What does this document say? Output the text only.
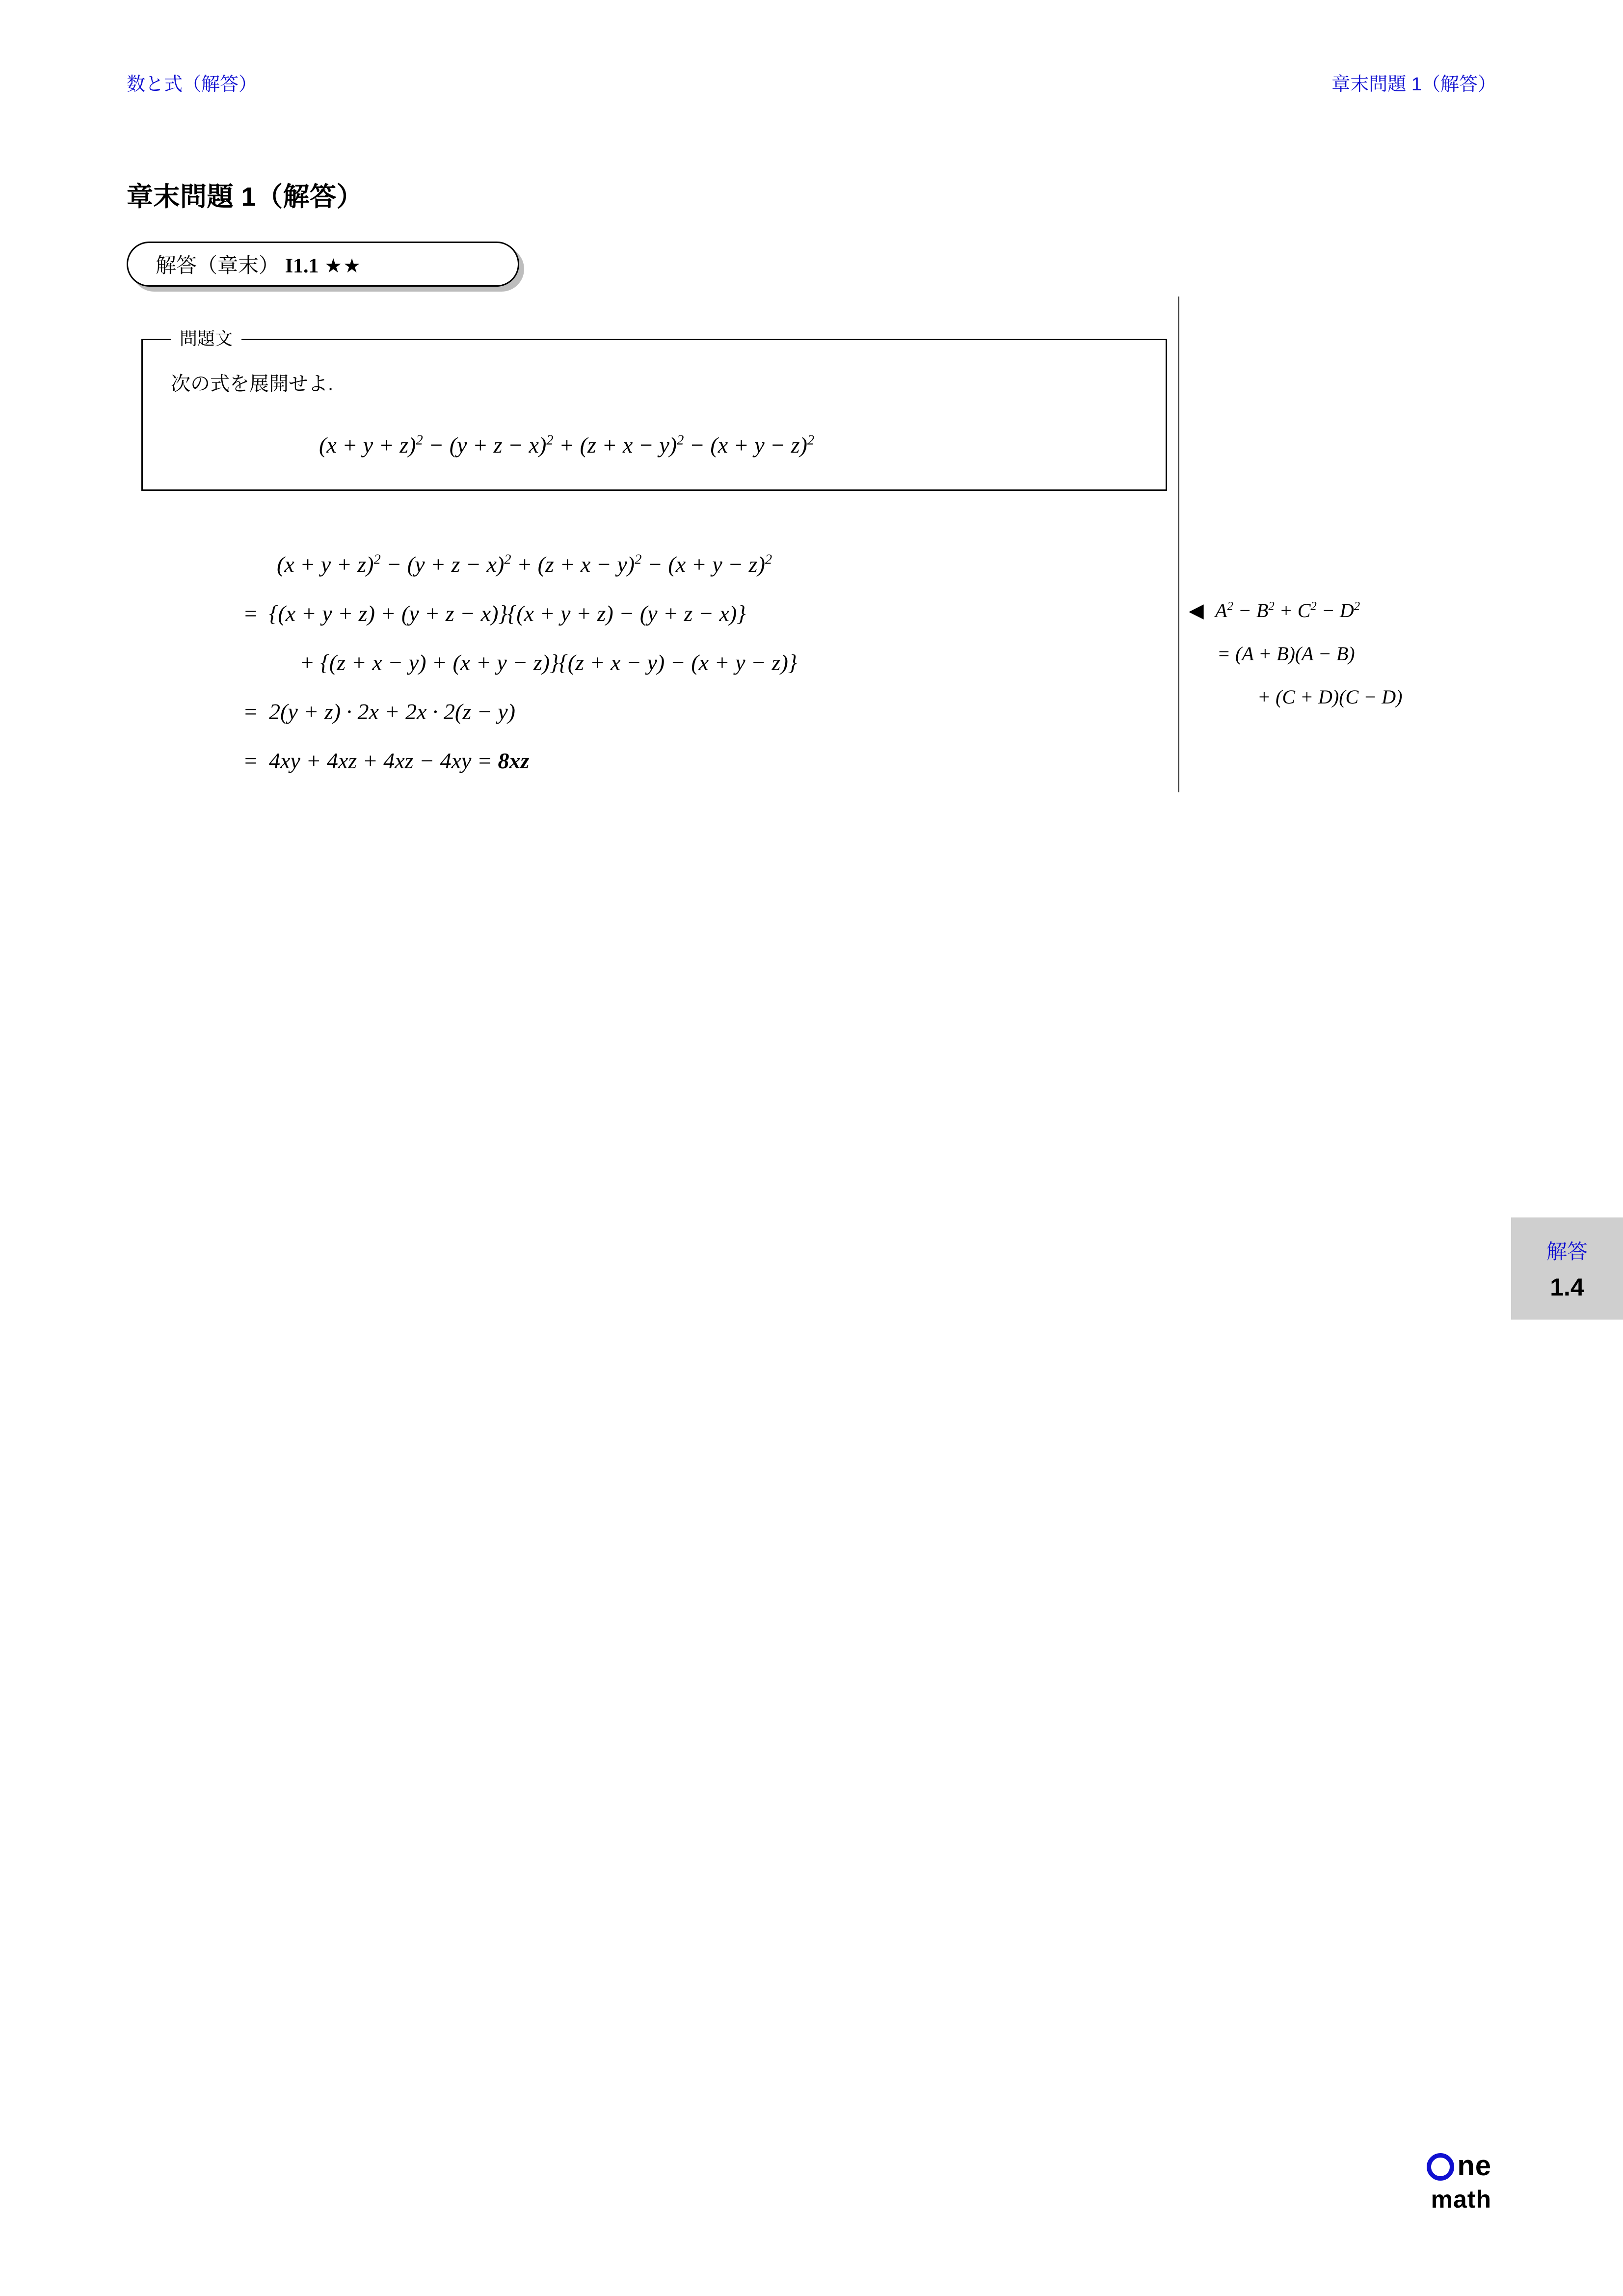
数と式（解答）	章末問題 1（解答）
章末問題 1（解答）
解答（章末） I1.1 ★★
問題文
次の式を展開せよ.
$(x + y + z)^2 - (y + z - x)^2 + (z + x - y)^2 - (x + y - z)^2$
$(x + y + z)^2 - (y + z - x)^2 + (z + x - y)^2 - (x + y - z)^2$
= {(x + y + z) + (y + z − x)}{(x + y + z) − (y + z − x)}
+ {(z + x − y) + (x + y − z)}{(z + x − y) − (x + y − z)}
= 2(y + z) · 2x + 2x · 2(z − y)
= 4xy + 4xz + 4xz − 4xy = 8xz
◀ $A^2 - B^2 + C^2 - D^2$
= (A + B)(A − B)
+ (C + D)(C − D)
解答
1.4
ne
math
